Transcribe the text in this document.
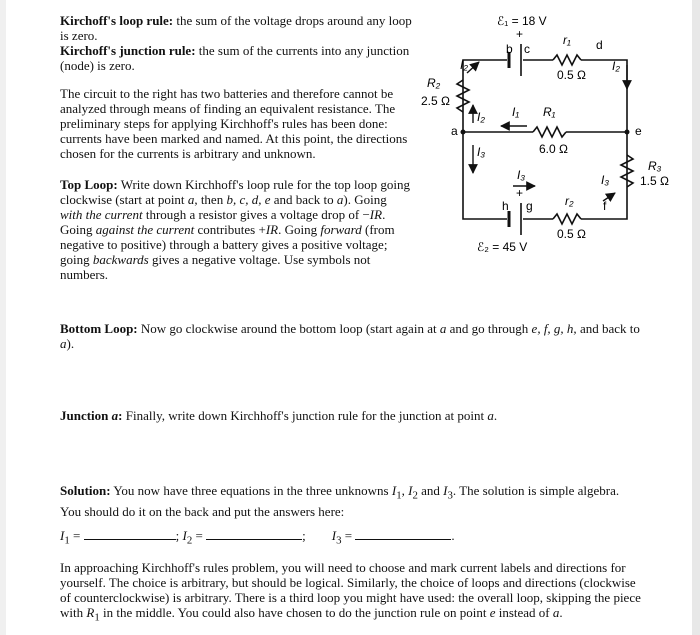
Kirchoff's loop rule: the sum of the voltage drops around any loop is zero.

Kirchoff's junction rule: the sum of the currents into any junction (node) is zero.

The circuit to the right has two batteries and therefore cannot be analyzed through means of finding an equivalent resistance. The preliminary steps for applying Kirchhoff's rules has been done: currents have been marked and named. At this point, the directions chosen for the currents is arbitrary and unknown.

Top Loop: Write down Kirchhoff's loop rule for the top loop going clockwise (start at point a, then b, c, d, e and back to a). Going with the current through a resistor gives a voltage drop of −IR. Going against the current contributes +IR. Going forward (from negative to positive) through a battery gives a positive voltage; going backwards gives a negative voltage. Use symbols not numbers.

ℰ₁ = 18 V
+
b c	d
r₁
0.5 Ω
I₂	I₂
R₂
2.5 Ω
I₂ I₁ R₁
6.0 Ω
a	e
I₃
I₃	I₃
R₃
1.5 Ω
+
h g	f
r₂
0.5 Ω
ℰ₂ = 45 V

Bottom Loop: Now go clockwise around the bottom loop (start again at a and go through e, f, g, h, and back to a).

Junction a: Finally, write down Kirchhoff's junction rule for the junction at point a.

Solution: You now have three equations in the three unknowns $I_1$, $I_2$ and $I_3$. The solution is simple algebra. You should do it on the back and put the answers here:

$I_1$ =	; $I_2$ =	; $I_3$ =	.

In approaching Kirchhoff's rules problem, you will need to choose and mark current labels and directions for yourself. The choice is arbitrary, but should be logical. Similarly, the choice of loops and directions (clockwise of counterclockwise) is arbitrary. There is a third loop you might have used: the overall loop, skipping the piece with $R_1$ in the middle. You could also have chosen to do the junction rule on point e instead of a.
